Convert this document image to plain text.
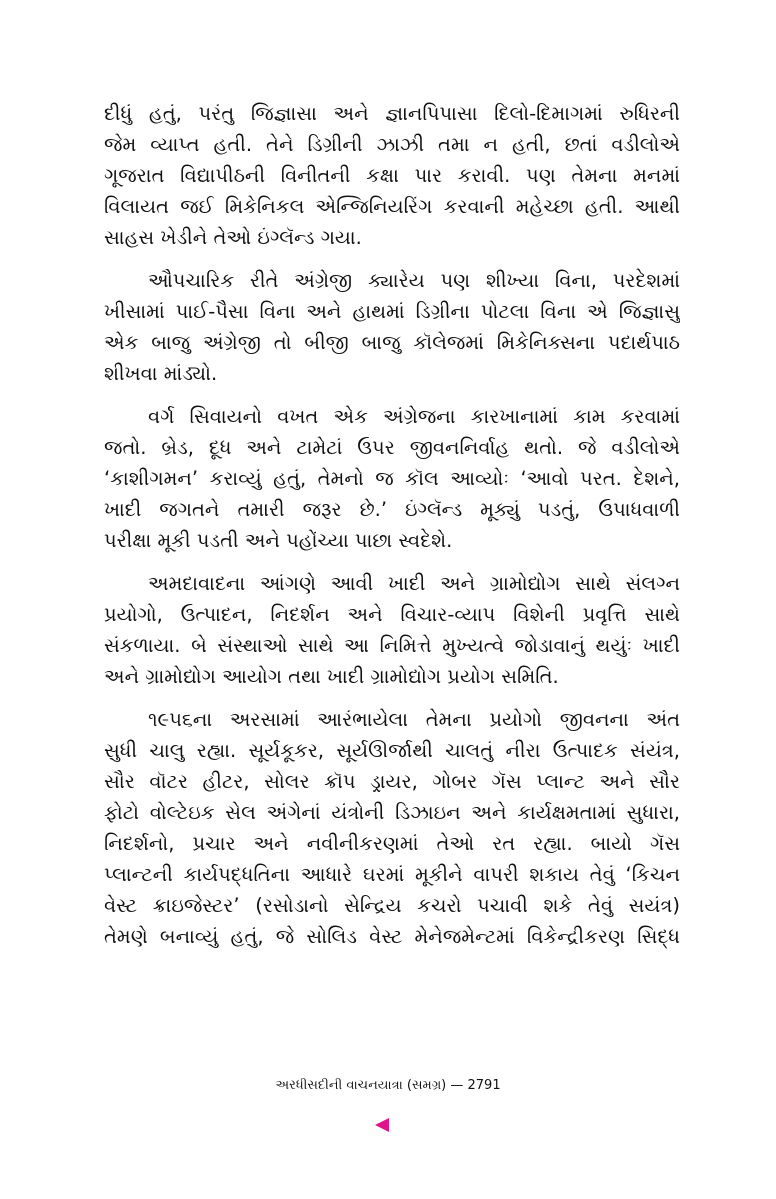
દીધું હતું, પરંતુ જિજ્ઞાસા અને જ્ઞાનપિપાસા દિલો-દિમાગમાં રુધિરની
જેમ વ્યાપ્ત હતી. તેને ડિગ્રીની ઝાઝી તમા ન હતી, છતાં વડીલોએ
ગૂજરાત વિદ્યાપીઠની વિનીતની કક્ષા પાર કરાવી. પણ તેમના મનમાં
વિલાયત જઈ મિકેનિકલ એન્જિનિયરિંગ કરવાની મહેચ્છા હતી. આથી
સાહસ ખેડીને તેઓ ઇંગ્લૅન્ડ ગયા.

ઔપચારિક રીતે અંગ્રેજી ક્યારેય પણ શીખ્યા વિના, પરદેશમાં
ખીસામાં પાઈ-પૈસા વિના અને હાથમાં ડિગ્રીના પોટલા વિના એ જિજ્ઞાસુ
એક બાજુ અંગ્રેજી તો બીજી બાજુ કૉલેજમાં મિકેનિક્સના પદાર્થપાઠ
શીખવા માંડ્યો.

વર્ગ સિવાયનો વખત એક અંગ્રેજના કારખાનામાં કામ કરવામાં
જતો. બ્રેડ, દૂધ અને ટામેટાં ઉપર જીવનનિર્વાહ થતો. જે વડીલોએ
‘કાશીગમન’ કરાવ્યું હતું, તેમનો જ કૉલ આવ્યોઃ ‘આવો પરત. દેશને,
ખાદી જગતને તમારી જરૂર છે.’ ઇંગ્લૅન્ડ મૂક્યું પડતું, ઉપાધવાળી
પરીક્ષા મૂકી પડતી અને પહોંચ્યા પાછા સ્વદેશે.

અમદાવાદના આંગણે આવી ખાદી અને ગ્રામોદ્યોગ સાથે સંલગ્ન
પ્રયોગો, ઉત્પાદન, નિદર્શન અને વિચાર-વ્યાપ વિશેની પ્રવૃત્તિ સાથે
સંકળાયા. બે સંસ્થાઓ સાથે આ નિમિત્તે મુખ્યત્વે જોડાવાનું થયુંઃ ખાદી
અને ગ્રામોદ્યોગ આયોગ તથા ખાદી ગ્રામોદ્યોગ પ્રયોગ સમિતિ.

૧૯૫૬ના અરસામાં આરંભાયેલા તેમના પ્રયોગો જીવનના અંત
સુધી ચાલુ રહ્યા. સૂર્યકૂકર, સૂર્યઊર્જાથી ચાલતું નીરા ઉત્પાદક સંયંત્ર,
સૌર વૉટર હીટર, સોલર ક્રૉપ ડ્રાયર, ગોબર ગૅસ પ્લાન્ટ અને સૌર
ફોટો વોલ્ટેઇક સેલ અંગેનાં યંત્રોની ડિઝાઇન અને કાર્યક્ષમતામાં સુધારા,
નિદર્શનો, પ્રચાર અને નવીનીકરણમાં તેઓ રત રહ્યા. બાયો ગૅસ
પ્લાન્ટની કાર્યપદ્ધતિના આધારે ઘરમાં મૂકીને વાપરી શકાય તેવું ‘કિચન
વેસ્ટ ક્રાઇજેસ્ટર’ (રસોડાનો સેન્દ્રિય કચરો પચાવી શકે તેવું સયંત્ર)
તેમણે બનાવ્યું હતું, જે સોલિડ વેસ્ટ મેનેજમેન્ટમાં વિકેન્દ્રીકરણ સિદ્ધ

અરધીસદીની વાચનયાત્રા (સમગ્ર) — 2791
